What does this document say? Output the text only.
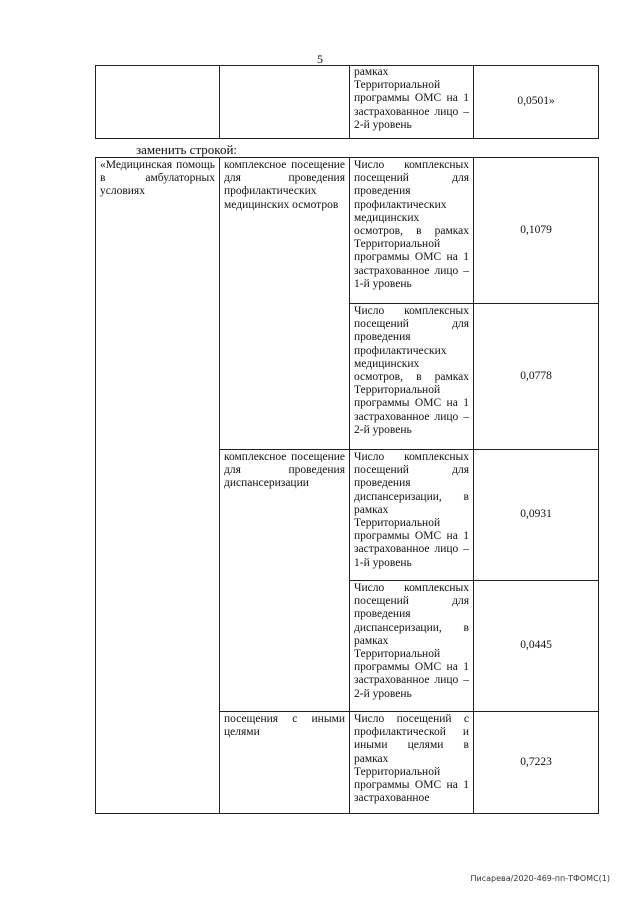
5
		рамках Территориальной программы ОМС на 1 застрахованное лицо – 2-й уровень	0,0501»
заменить строкой:
«Медицинская помощь в амбулаторных условиях	комплексное посещение для проведения профилактических медицинских осмотров	Число комплексных посещений для проведения профилактических медицинских осмотров, в рамках Территориальной программы ОМС на 1 застрахованное лицо – 1-й уровень	0,1079
		Число комплексных посещений для проведения профилактических медицинских осмотров, в рамках Территориальной программы ОМС на 1 застрахованное лицо – 2-й уровень	0,0778
	комплексное посещение для проведения диспансеризации	Число комплексных посещений для проведения диспансеризации, в рамках Территориальной программы ОМС на 1 застрахованное лицо – 1-й уровень	0,0931
		Число комплексных посещений для проведения диспансеризации, в рамках Территориальной программы ОМС на 1 застрахованное лицо – 2-й уровень	0,0445
	посещения с иными целями	Число посещений с профилактической и иными целями в рамках Территориальной программы ОМС на 1 застрахованное	0,7223
Писарева/2020-469-пп-ТФОМС(1)
